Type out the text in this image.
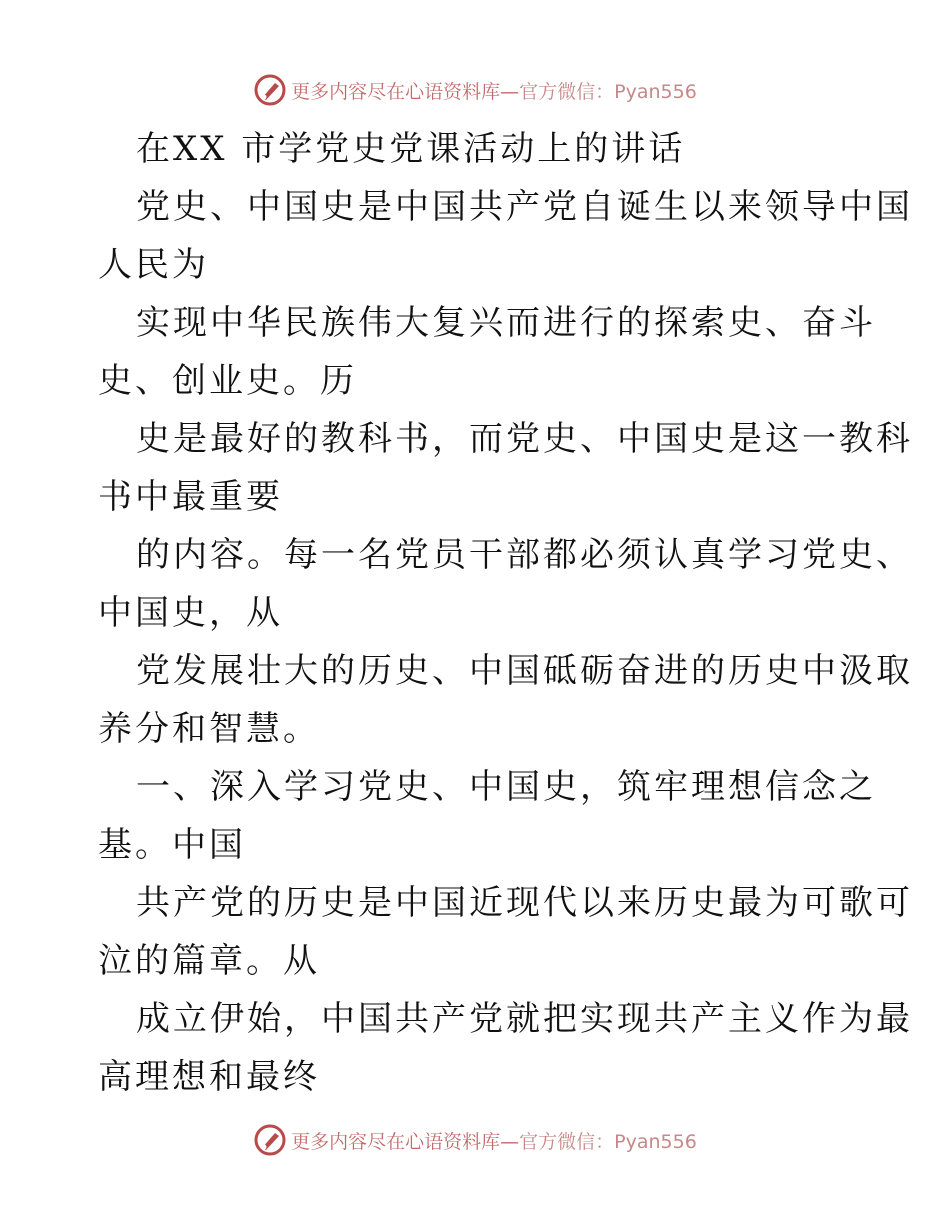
更多内容尽在心语资料库—官方微信：Pyan556
在XX 市学党史党课活动上的讲话
党史、中国史是中国共产党自诞生以来领导中国
人民为
实现中华民族伟大复兴而进行的探索史、奋斗
史、创业史。历
史是最好的教科书，而党史、中国史是这一教科
书中最重要
的内容。每一名党员干部都必须认真学习党史、
中国史，从
党发展壮大的历史、中国砥砺奋进的历史中汲取
养分和智慧。
一、深入学习党史、中国史，筑牢理想信念之
基。中国
共产党的历史是中国近现代以来历史最为可歌可
泣的篇章。从
成立伊始，中国共产党就把实现共产主义作为最
高理想和最终
更多内容尽在心语资料库—官方微信：Pyan556
